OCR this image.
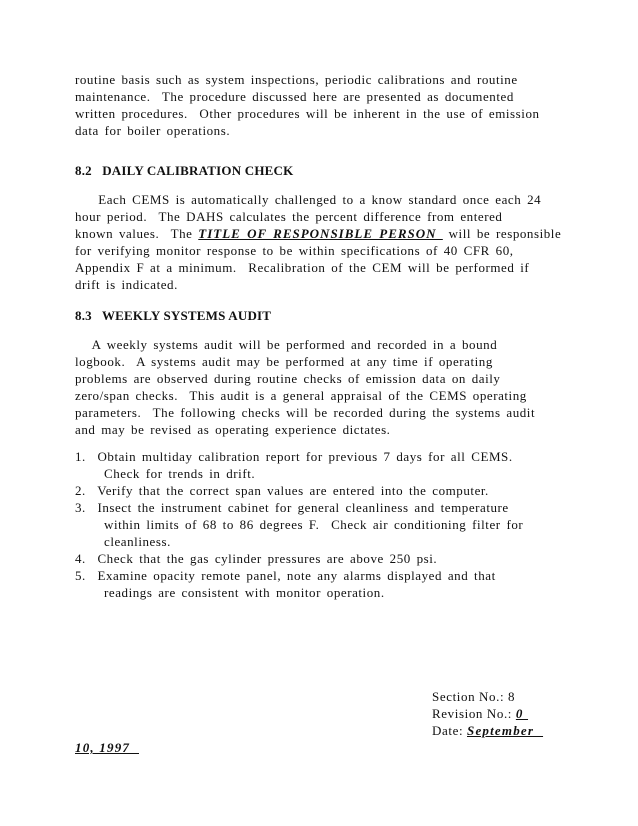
routine basis such as system inspections, periodic calibrations and routine
maintenance.  The procedure discussed here are presented as documented
written procedures.  Other procedures will be inherent in the use of emission
data for boiler operations.
8.2   DAILY CALIBRATION CHECK
Each CEMS is automatically challenged to a know standard once each 24
hour period.  The DAHS calculates the percent difference from entered
known values.  The TITLE OF RESPONSIBLE PERSON  will be responsible
for verifying monitor response to be within specifications of 40 CFR 60,
Appendix F at a minimum.  Recalibration of the CEM will be performed if
drift is indicated.
8.3   WEEKLY SYSTEMS AUDIT
A weekly systems audit will be performed and recorded in a bound
logbook.  A systems audit may be performed at any time if operating
problems are observed during routine checks of emission data on daily
zero/span checks.  This audit is a general appraisal of the CEMS operating
parameters.  The following checks will be recorded during the systems audit
and may be revised as operating experience dictates.
1.  Obtain multiday calibration report for previous 7 days for all CEMS.
Check for trends in drift.
2.  Verify that the correct span values are entered into the computer.
3.  Insect the instrument cabinet for general cleanliness and temperature
within limits of 68 to 86 degrees F.  Check air conditioning filter for
cleanliness.
4.  Check that the gas cylinder pressures are above 250 psi.
5.  Examine opacity remote panel, note any alarms displayed and that
readings are consistent with monitor operation.
Section No.: 8
Revision No.: 0
Date: September
10, 1997
